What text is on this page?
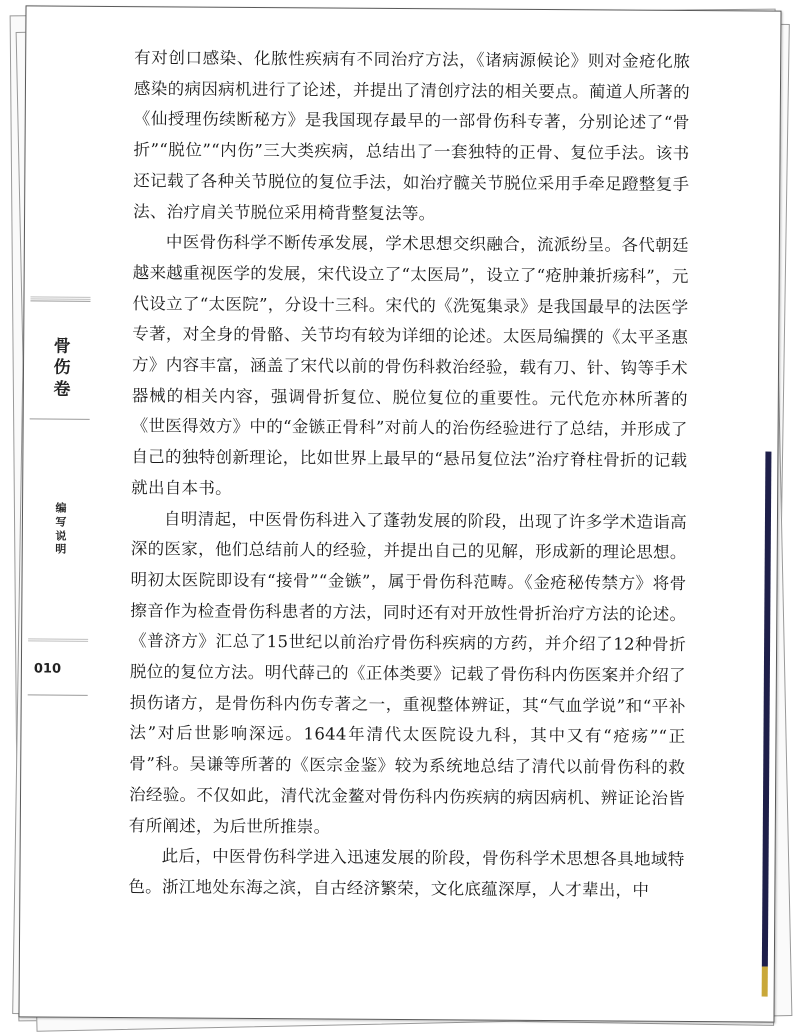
骨
伤
卷
编
写
说
明
010

有对创口感染、化脓性疾病有不同治疗方法，《诸病源候论》则对金疮化脓感染的病因病机进行了论述，并提出了清创疗法的相关要点。蔺道人所著的《仙授理伤续断秘方》是我国现存最早的一部骨伤科专著，分别论述了“骨折”“脱位”“内伤”三大类疾病，总结出了一套独特的正骨、复位手法。该书还记载了各种关节脱位的复位手法，如治疗髋关节脱位采用手牵足蹬整复手法、治疗肩关节脱位采用椅背整复法等。

中医骨伤科学不断传承发展，学术思想交织融合，流派纷呈。各代朝廷越来越重视医学的发展，宋代设立了“太医局”，设立了“疮肿兼折疡科”，元代设立了“太医院”，分设十三科。宋代的《洗冤集录》是我国最早的法医学专著，对全身的骨骼、关节均有较为详细的论述。太医局编撰的《太平圣惠方》内容丰富，涵盖了宋代以前的骨伤科救治经验，载有刀、针、钩等手术器械的相关内容，强调骨折复位、脱位复位的重要性。元代危亦林所著的《世医得效方》中的“金镞正骨科”对前人的治伤经验进行了总结，并形成了自己的独特创新理论，比如世界上最早的“悬吊复位法”治疗脊柱骨折的记载就出自本书。

自明清起，中医骨伤科进入了蓬勃发展的阶段，出现了许多学术造诣高深的医家，他们总结前人的经验，并提出自己的见解，形成新的理论思想。明初太医院即设有“接骨”“金镞”，属于骨伤科范畴。《金疮秘传禁方》将骨擦音作为检查骨伤科患者的方法，同时还有对开放性骨折治疗方法的论述。《普济方》汇总了15世纪以前治疗骨伤科疾病的方药，并介绍了12种骨折脱位的复位方法。明代薛己的《正体类要》记载了骨伤科内伤医案并介绍了损伤诸方，是骨伤科内伤专著之一，重视整体辨证，其“气血学说”和“平补法”对后世影响深远。1644年清代太医院设九科，其中又有“疮疡”“正骨”科。吴谦等所著的《医宗金鉴》较为系统地总结了清代以前骨伤科的救治经验。不仅如此，清代沈金鳌对骨伤科内伤疾病的病因病机、辨证论治皆有所阐述，为后世所推崇。

此后，中医骨伤科学进入迅速发展的阶段，骨伤科学术思想各具地域特色。浙江地处东海之滨，自古经济繁荣，文化底蕴深厚，人才辈出，中
